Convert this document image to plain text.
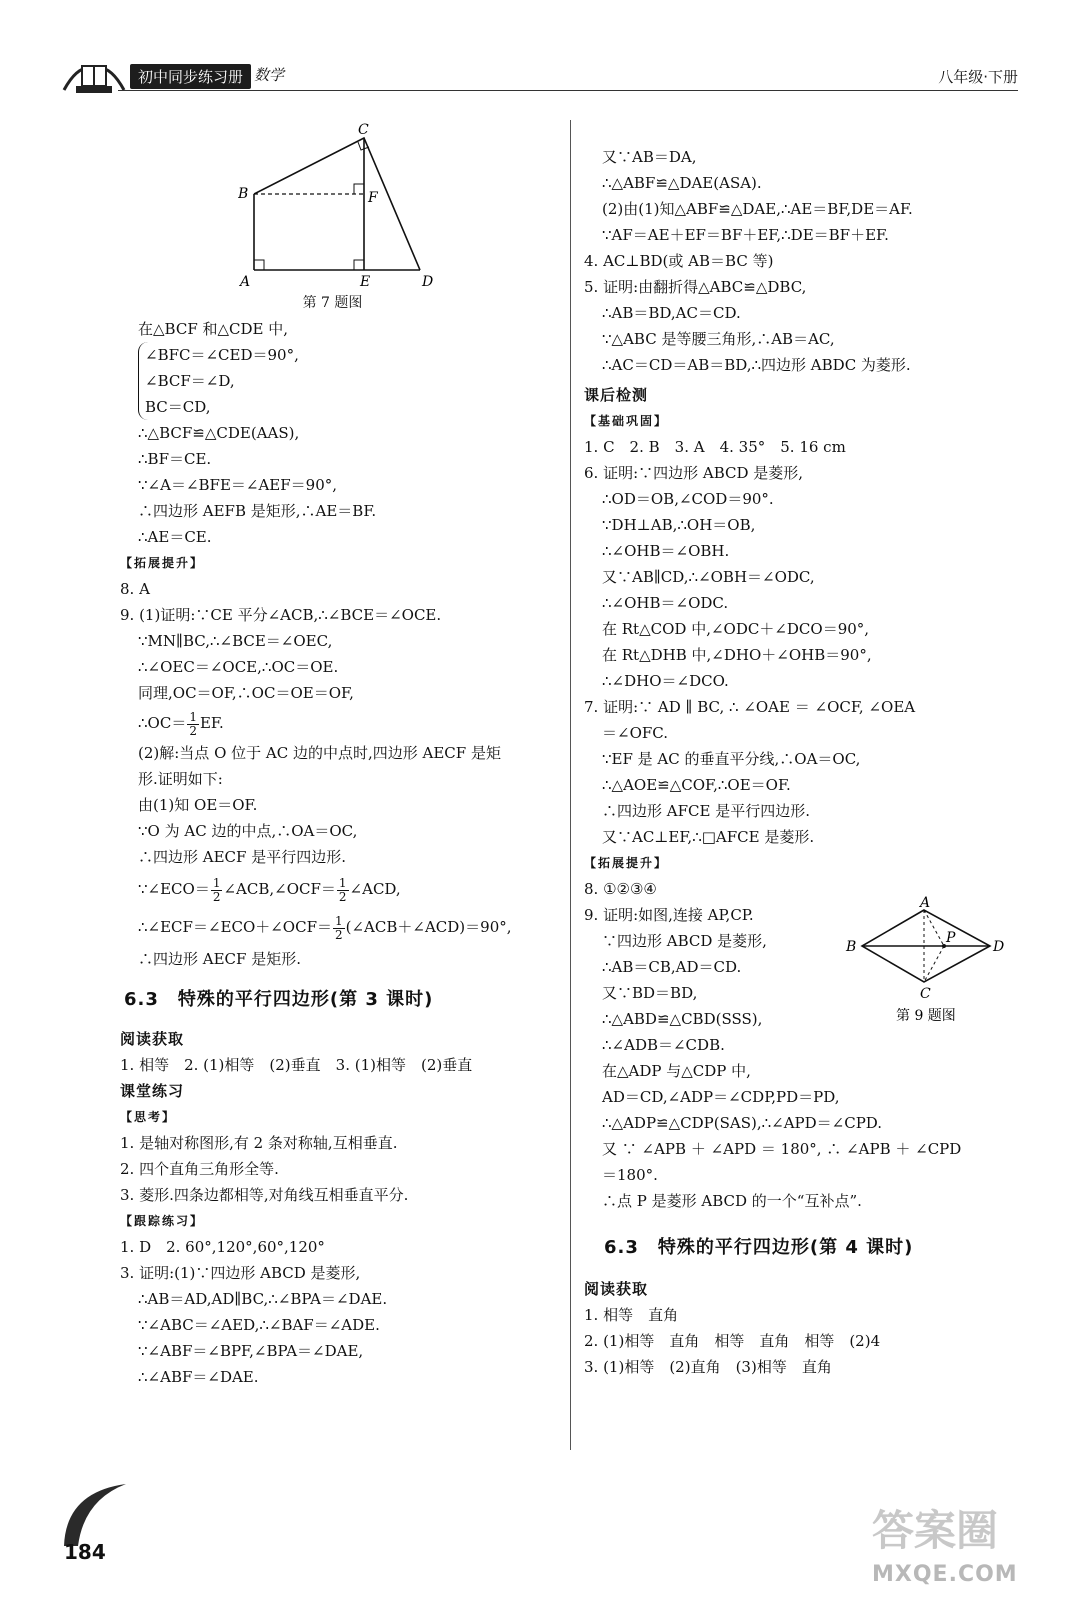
初中同步练习册 数学	八年级·下册
C
B	F
A	E	D
第 7 题图
在△BCF 和△CDE 中,
∠BFC＝∠CED＝90°,
∠BCF＝∠D,
BC＝CD,
∴△BCF≌△CDE(AAS),
∴BF＝CE.
∵∠A＝∠BFE＝∠AEF＝90°,
∴四边形 AEFB 是矩形,∴AE＝BF.
∴AE＝CE.
【拓展提升】
8. A
9. (1)证明:∵CE 平分∠ACB,∴∠BCE＝∠OCE.
∵MN∥BC,∴∠BCE＝∠OEC,
∴∠OEC＝∠OCE,∴OC＝OE.
同理,OC＝OF,∴OC＝OE＝OF,
∴OC＝ $\frac{1}{2}$ EF.
(2)解:当点 O 位于 AC 边的中点时,四边形 AECF 是矩
形.证明如下:
由(1)知 OE＝OF.
∵O 为 AC 边的中点,∴OA＝OC,
∴四边形 AECF 是平行四边形.
∵∠ECO＝ $\frac{1}{2}$ ∠ACB,∠OCF＝ $\frac{1}{2}$ ∠ACD,
∴∠ECF＝∠ECO＋∠OCF＝ $\frac{1}{2}$ (∠ACB＋∠ACD)＝90°,
∴四边形 AECF 是矩形.
6.3　特殊的平行四边形(第 3 课时)
阅读获取
1. 相等　2. (1)相等　(2)垂直　3. (1)相等　(2)垂直
课堂练习
【思考】
1. 是轴对称图形,有 2 条对称轴,互相垂直.
2. 四个直角三角形全等.
3. 菱形.四条边都相等,对角线互相垂直平分.
【跟踪练习】
1. D　2. 60°,120°,60°,120°
3. 证明:(1)∵四边形 ABCD 是菱形,
∴AB＝AD,AD∥BC,∴∠BPA＝∠DAE.
∵∠ABC＝∠AED,∴∠BAF＝∠ADE.
∵∠ABF＝∠BPF,∠BPA＝∠DAE,
∴∠ABF＝∠DAE.
又∵AB＝DA,
∴△ABF≌△DAE(ASA).
(2)由(1)知△ABF≌△DAE,∴AE＝BF,DE＝AF.
∵AF＝AE＋EF＝BF＋EF,∴DE＝BF＋EF.
4. AC⊥BD(或 AB＝BC 等)
5. 证明:由翻折得△ABC≌△DBC,
∴AB＝BD,AC＝CD.
∵△ABC 是等腰三角形,∴AB＝AC,
∴AC＝CD＝AB＝BD,∴四边形 ABDC 为菱形.
课后检测
【基础巩固】
1. C　2. B　3. A　4. 35°　5. 16 cm
6. 证明:∵四边形 ABCD 是菱形,
∴OD＝OB,∠COD＝90°.
∵DH⊥AB,∴OH＝OB,
∴∠OHB＝∠OBH.
又∵AB∥CD,∴∠OBH＝∠ODC,
∴∠OHB＝∠ODC.
在 Rt△COD 中,∠ODC＋∠DCO＝90°,
在 Rt△DHB 中,∠DHO＋∠OHB＝90°,
∴∠DHO＝∠DCO.
7. 证明:∵ AD ∥ BC, ∴ ∠OAE ＝ ∠OCF, ∠OEA
＝∠OFC.
∵EF 是 AC 的垂直平分线,∴OA＝OC,
∴△AOE≌△COF,∴OE＝OF.
∴四边形 AFCE 是平行四边形.
又∵AC⊥EF,∴□AFCE 是菱形.
【拓展提升】
8. ①②③④
A
B
P
D
C
第 9 题图
9. 证明:如图,连接 AP,CP.
∵四边形 ABCD 是菱形,
∴AB＝CB,AD＝CD.
又∵BD＝BD,
∴△ABD≌△CBD(SSS),
∴∠ADB＝∠CDB.
在△ADP 与△CDP 中,
AD＝CD,∠ADP＝∠CDP,PD＝PD,
∴△ADP≌△CDP(SAS),∴∠APD＝∠CPD.
又 ∵ ∠APB ＋ ∠APD ＝ 180°, ∴ ∠APB ＋ ∠CPD
＝180°.
∴点 P 是菱形 ABCD 的一个“互补点”.
6.3　特殊的平行四边形(第 4 课时)
阅读获取
1. 相等　直角
2. (1)相等　直角　相等　直角　相等　(2)4
3. (1)相等　(2)直角　(3)相等　直角
184	答案圈
MXQE.COM
